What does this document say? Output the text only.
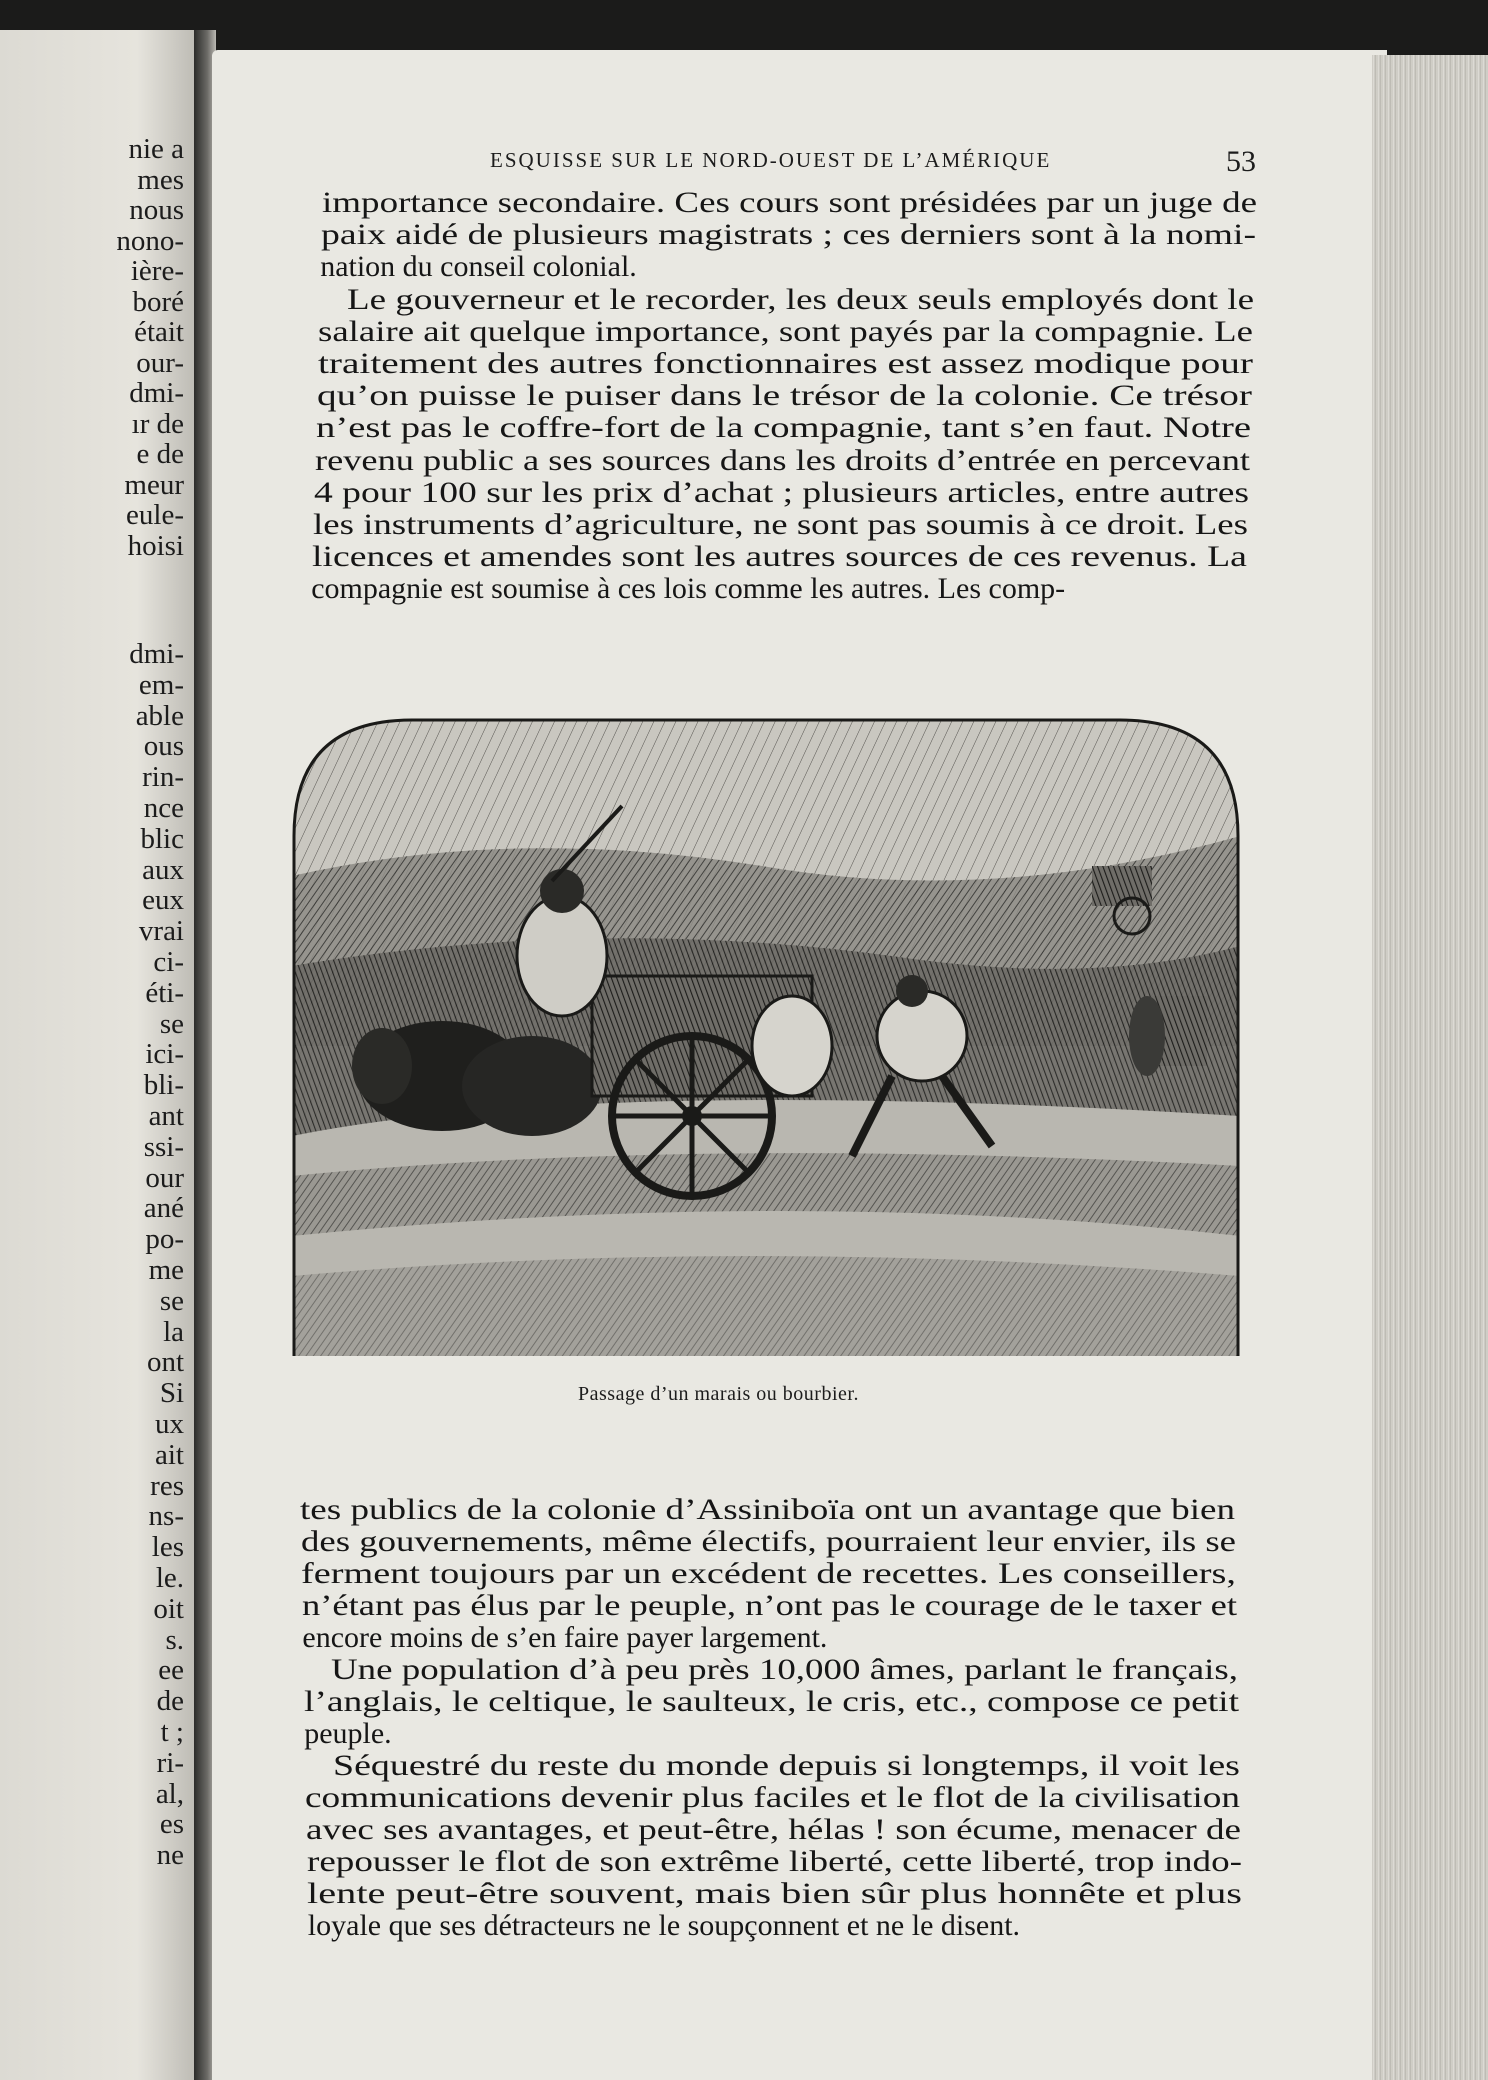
nie a
mes
nous
nono-
ière-
boré
était
our-
dmi-
ır de
e de
meur
eule-
hoisi
dmi-
em-
able
ous
rin-
nce
blic
aux
eux
vrai
ci-
éti-
se
ici-
bli-
ant
ssi-
our
ané
po-
me
se
la
ont
Si
ux
ait
res
ns-
les
le.
oit
s.
ee
de
t ;
ri-
al,
es
ne
ESQUISSE SUR LE NORD-OUEST DE L’AMÉRIQUE	53
importance secondaire. Ces cours sont présidées par un juge de
paix aidé de plusieurs magistrats ; ces derniers sont à la nomi-
nation du conseil colonial.
Le gouverneur et le recorder, les deux seuls employés dont le
salaire ait quelque importance, sont payés par la compagnie. Le
traitement des autres fonctionnaires est assez modique pour
qu’on puisse le puiser dans le trésor de la colonie. Ce trésor
n’est pas le coffre-fort de la compagnie, tant s’en faut. Notre
revenu public a ses sources dans les droits d’entrée en percevant
4 pour 100 sur les prix d’achat ; plusieurs articles, entre autres
les instruments d’agriculture, ne sont pas soumis à ce droit. Les
licences et amendes sont les autres sources de ces revenus. La
compagnie est soumise à ces lois comme les autres. Les comp-
Passage d’un marais ou bourbier.
tes publics de la colonie d’Assiniboïa ont un avantage que bien
des gouvernements, même électifs, pourraient leur envier, ils se
ferment toujours par un excédent de recettes. Les conseillers,
n’étant pas élus par le peuple, n’ont pas le courage de le taxer et
encore moins de s’en faire payer largement.
Une population d’à peu près 10,000 âmes, parlant le français,
l’anglais, le celtique, le saulteux, le cris, etc., compose ce petit
peuple.
Séquestré du reste du monde depuis si longtemps, il voit les
communications devenir plus faciles et le flot de la civilisation
avec ses avantages, et peut-être, hélas ! son écume, menacer de
repousser le flot de son extrême liberté, cette liberté, trop indo-
lente peut-être souvent, mais bien sûr plus honnête et plus
loyale que ses détracteurs ne le soupçonnent et ne le disent.
